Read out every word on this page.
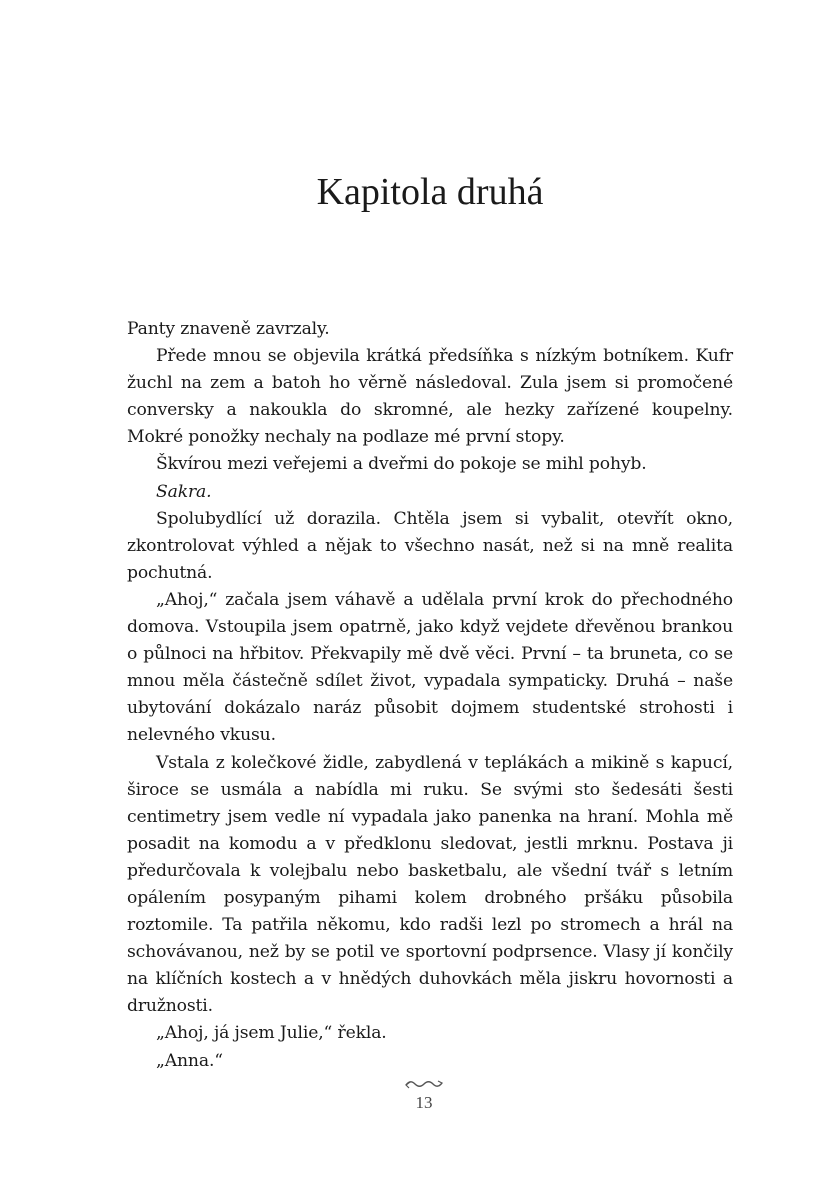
Kapitola druhá

Panty znaveně zavrzaly.

Přede mnou se objevila krátká předsíňka s nízkým botníkem. Kufr žuchl na zem a batoh ho věrně následoval. Zula jsem si promočené conversky a nakoukla do skromné, ale hezky zařízené koupelny. Mokré ponožky nechaly na podlaze mé první stopy.

Škvírou mezi veřejemi a dveřmi do pokoje se mihl pohyb.

Sakra.

Spolubydlící už dorazila. Chtěla jsem si vybalit, otevřít okno, zkontrolovat výhled a nějak to všechno nasát, než si na mně realita pochutná.

„Ahoj,“ začala jsem váhavě a udělala první krok do přechodného domova. Vstoupila jsem opatrně, jako když vejdete dřevěnou brankou o půlnoci na hřbitov. Překvapily mě dvě věci. První – ta bruneta, co se mnou měla částečně sdílet život, vypadala sympaticky. Druhá – naše ubytování dokázalo naráz působit dojmem studentské strohosti i nelevného vkusu.

Vstala z kolečkové židle, zabydlená v teplákách a mikině s kapucí, široce se usmála a nabídla mi ruku. Se svými sto šedesáti šesti centimetry jsem vedle ní vypadala jako panenka na hraní. Mohla mě posadit na komodu a v předklonu sledovat, jestli mrknu. Postava ji předurčovala k volejbalu nebo basketbalu, ale všední tvář s letním opálením posypaným pihami kolem drobného pršáku působila roztomile. Ta patřila někomu, kdo radši lezl po stromech a hrál na schovávanou, než by se potil ve sportovní podprsence. Vlasy jí končily na klíčních kostech a v hnědých duhovkách měla jiskru hovornosti a družnosti.

„Ahoj, já jsem Julie,“ řekla.

„Anna.“

13
